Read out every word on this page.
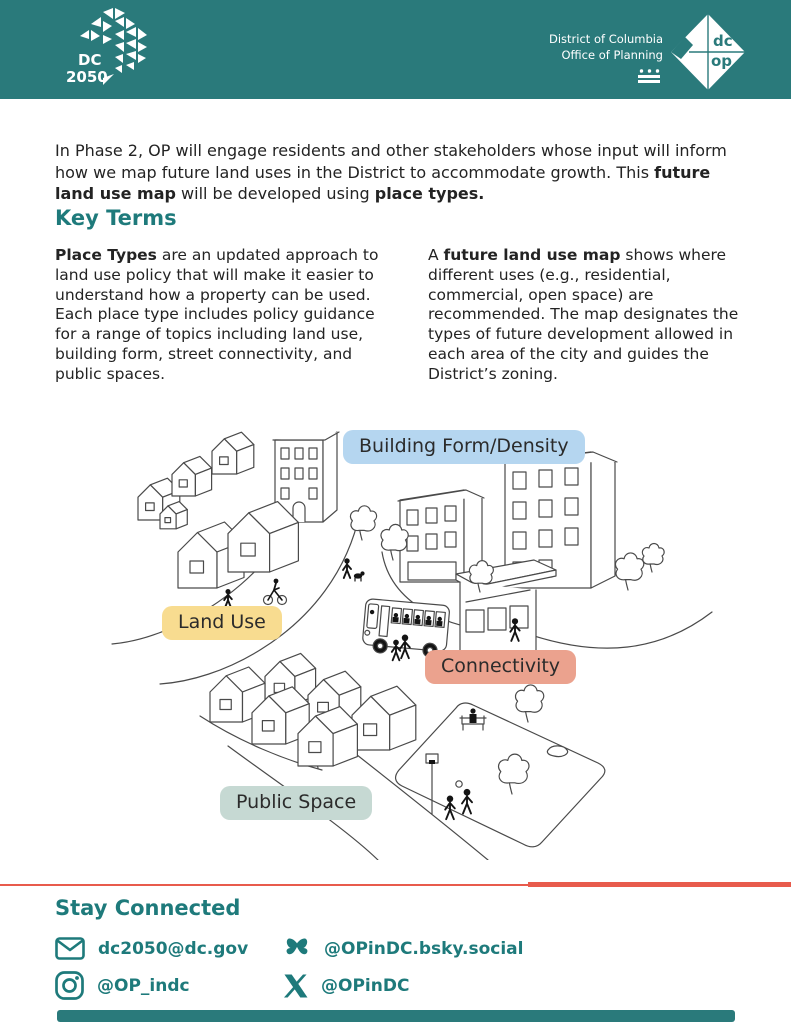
DC
2050
District of Columbia
Office of Planning
dc
op

In Phase 2, OP will engage residents and other stakeholders whose input will inform how we map future land uses in the District to accommodate growth. This future land use map will be developed using place types.

Key Terms

Place Types are an updated approach to land use policy that will make it easier to understand how a property can be used. Each place type includes policy guidance for a range of topics including land use, building form, street connectivity, and public spaces.

A future land use map shows where different uses (e.g., residential, commercial, open space) are recommended. The map designates the types of future development allowed in each area of the city and guides the District’s zoning.

Building Form/Density
Land Use
Connectivity
Public Space
Stay Connected
dc2050@dc.gov	@OPinDC.bsky.social
@OP_indc	@OPinDC
